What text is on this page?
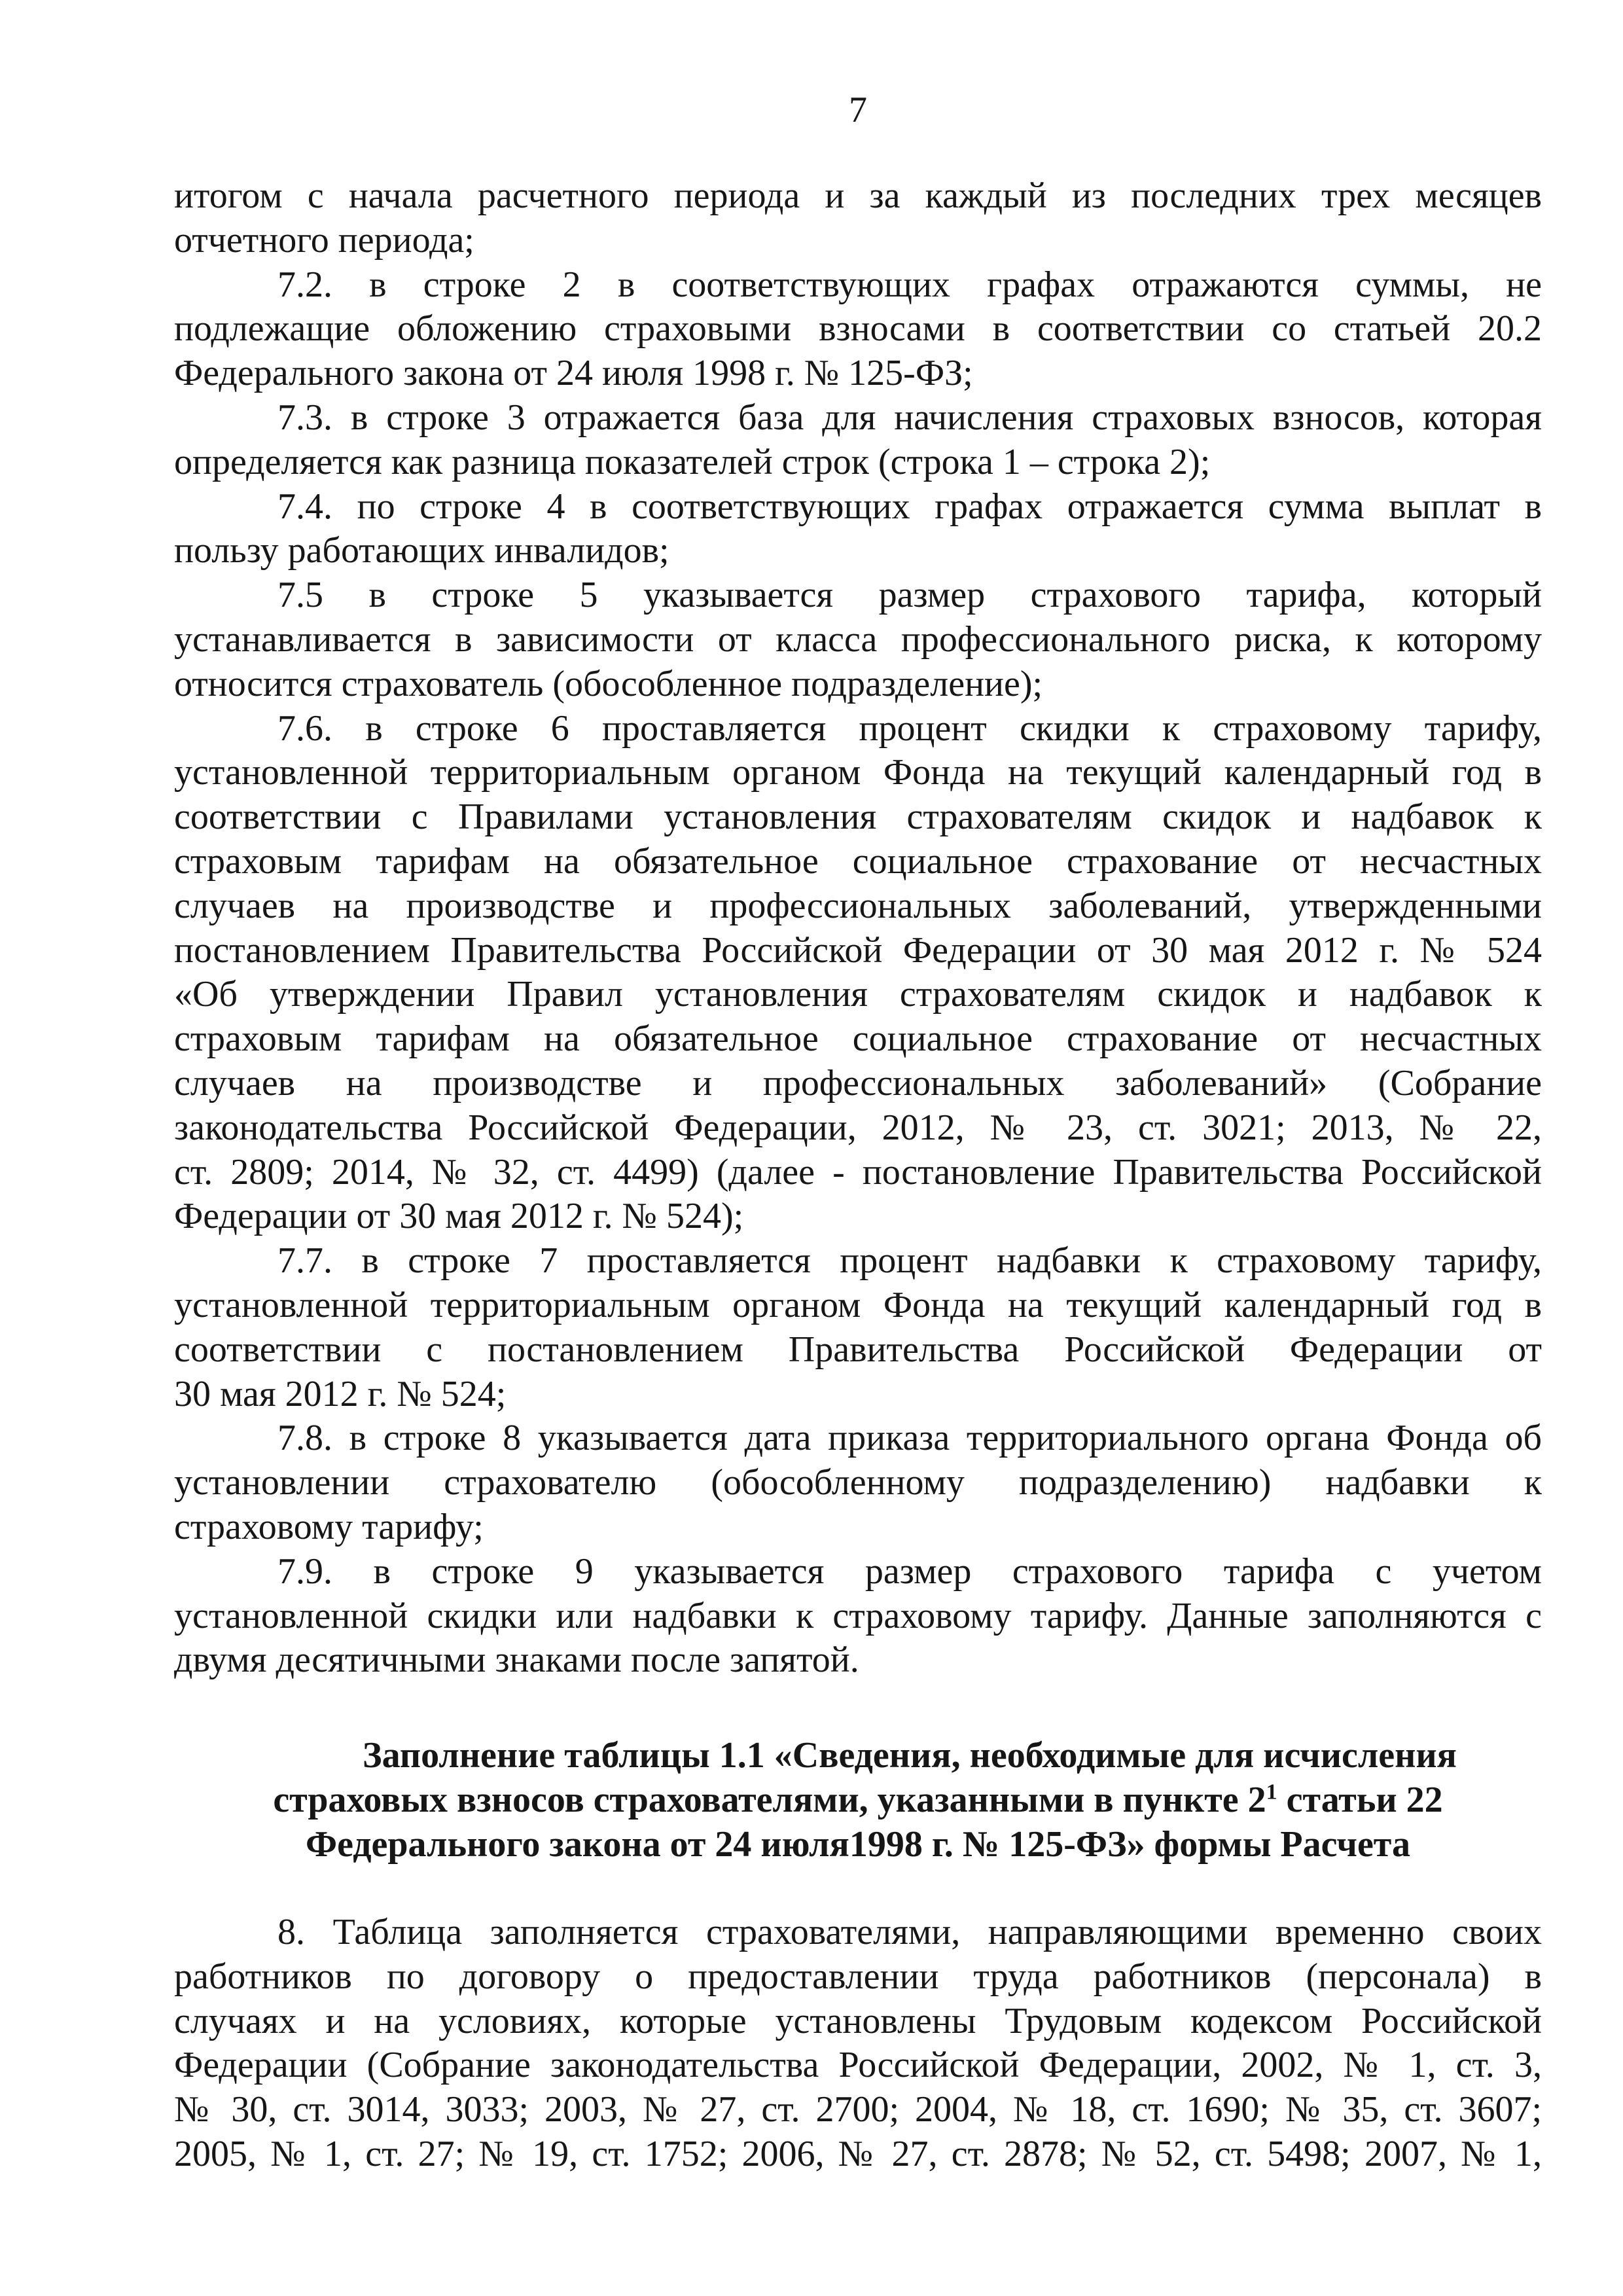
7
итогом с начала расчетного периода и за каждый из последних трех месяцев
отчетного периода;
7.2. в строке 2 в соответствующих графах отражаются суммы, не
подлежащие обложению страховыми взносами в соответствии со статьей 20.2
Федерального закона от 24 июля 1998 г. № 125-ФЗ;
7.3. в строке 3 отражается база для начисления страховых взносов, которая
определяется как разница показателей строк (строка 1 – строка 2);
7.4. по строке 4 в соответствующих графах отражается сумма выплат в
пользу работающих инвалидов;
7.5 в строке 5 указывается размер страхового тарифа, который
устанавливается в зависимости от класса профессионального риска, к которому
относится страхователь (обособленное подразделение);
7.6. в строке 6 проставляется процент скидки к страховому тарифу,
установленной территориальным органом Фонда на текущий календарный год в
соответствии с Правилами установления страхователям скидок и надбавок к
страховым тарифам на обязательное социальное страхование от несчастных
случаев на производстве и профессиональных заболеваний, утвержденными
постановлением Правительства Российской Федерации от 30 мая 2012 г. № 524
«Об утверждении Правил установления страхователям скидок и надбавок к
страховым тарифам на обязательное социальное страхование от несчастных
случаев на производстве и профессиональных заболеваний» (Собрание
законодательства Российской Федерации, 2012, № 23, ст. 3021; 2013, № 22,
ст. 2809; 2014, № 32, ст. 4499) (далее - постановление Правительства Российской
Федерации от 30 мая 2012 г. № 524);
7.7. в строке 7 проставляется процент надбавки к страховому тарифу,
установленной территориальным органом Фонда на текущий календарный год в
соответствии с постановлением Правительства Российской Федерации от
30 мая 2012 г. № 524;
7.8. в строке 8 указывается дата приказа территориального органа Фонда об
установлении страхователю (обособленному подразделению) надбавки к
страховому тарифу;
7.9. в строке 9 указывается размер страхового тарифа с учетом
установленной скидки или надбавки к страховому тарифу. Данные заполняются с
двумя десятичными знаками после запятой.
Заполнение таблицы 1.1 «Сведения, необходимые для исчисления
страховых взносов страхователями, указанными в пункте $2^1$ статьи 22
Федерального закона от 24 июля1998 г. № 125-ФЗ» формы Расчета
8. Таблица заполняется страхователями, направляющими временно своих
работников по договору о предоставлении труда работников (персонала) в
случаях и на условиях, которые установлены Трудовым кодексом Российской
Федерации (Собрание законодательства Российской Федерации, 2002, № 1, ст. 3,
№ 30, ст. 3014, 3033; 2003, № 27, ст. 2700; 2004, № 18, ст. 1690; № 35, ст. 3607;
2005, № 1, ст. 27; № 19, ст. 1752; 2006, № 27, ст. 2878; № 52, ст. 5498; 2007, № 1,
